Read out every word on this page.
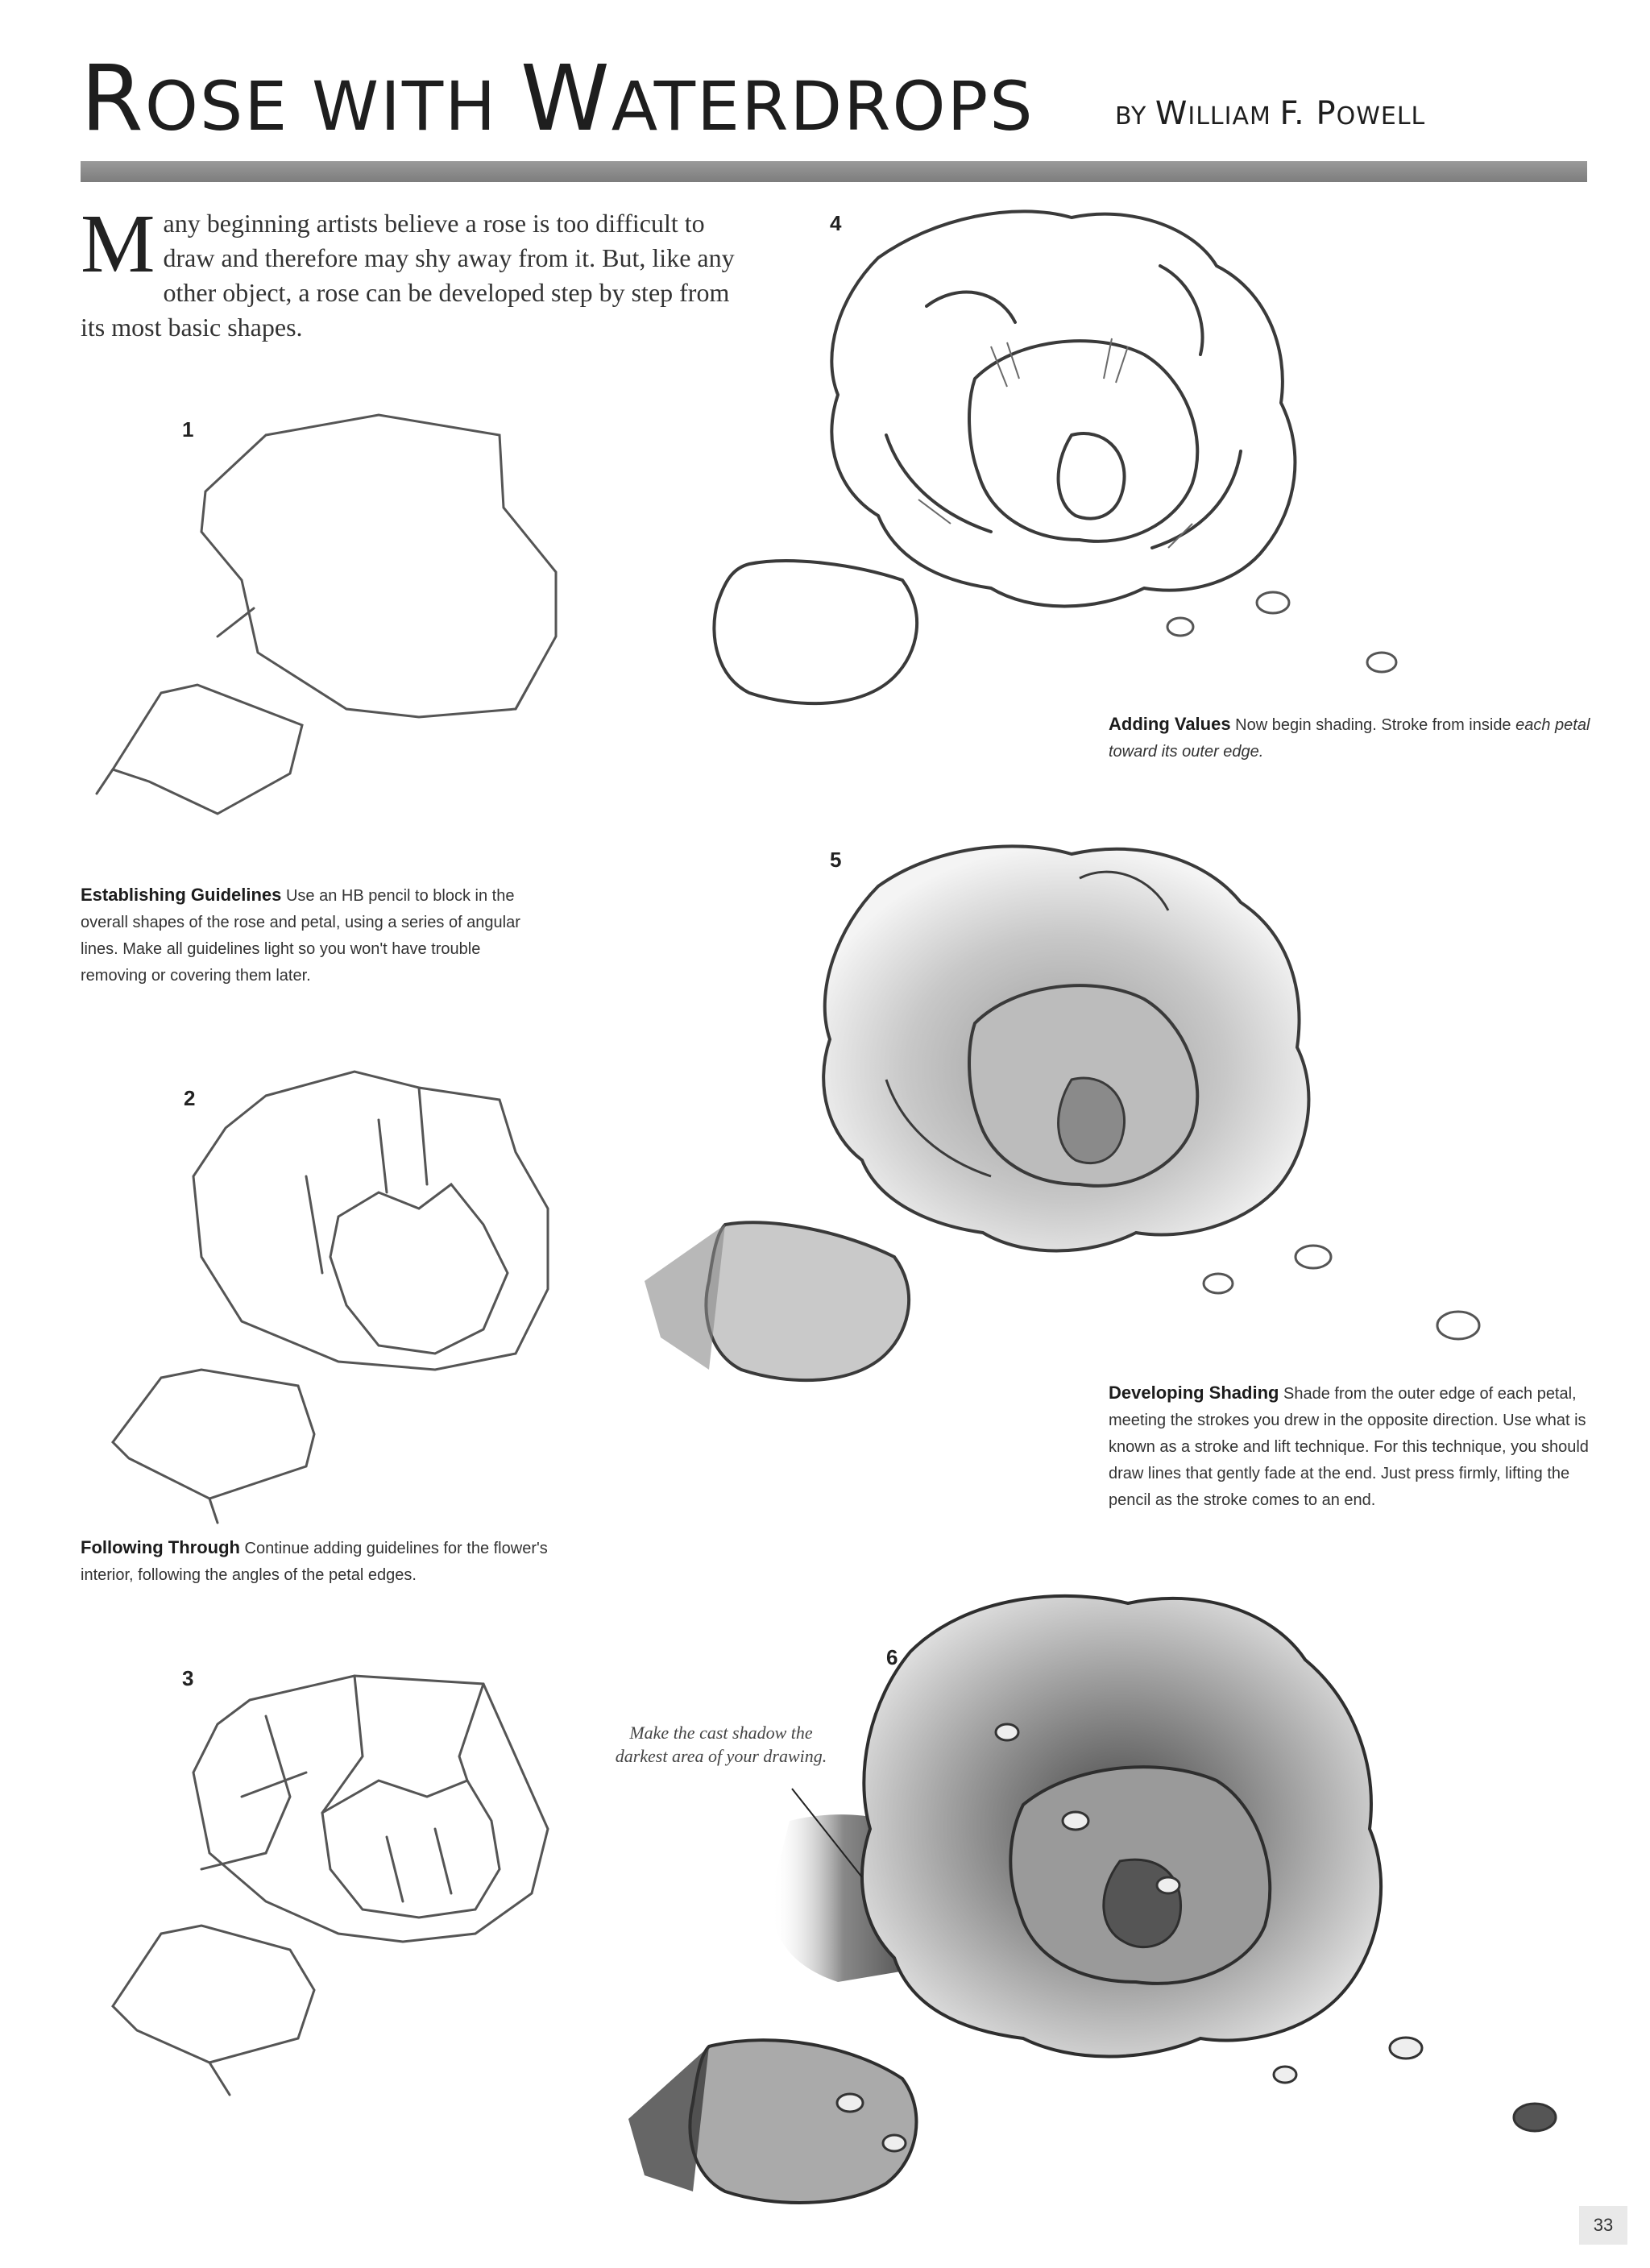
ROSE WITH WATERDROPS	BY WILLIAM F. POWELL
Many beginning artists believe a rose is too difficult to draw and therefore may shy away from it. But, like any other object, a rose can be developed step by step from its most basic shapes.
1
2
3
4
5
6
Establishing Guidelines Use an HB pencil to block in the overall shapes of the rose and petal, using a series of angular lines. Make all guidelines light so you won't have trouble removing or covering them later.
Following Through Continue adding guidelines for the flower's interior, following the angles of the petal edges.
Adding Values Now begin shading. Stroke from inside each petal toward its outer edge.
Developing Shading Shade from the outer edge of each petal, meeting the strokes you drew in the opposite direction. Use what is known as a stroke and lift technique. For this technique, you should draw lines that gently fade at the end. Just press firmly, lifting the pencil as the stroke comes to an end.
Make the cast shadow the darkest area of your drawing.
33
